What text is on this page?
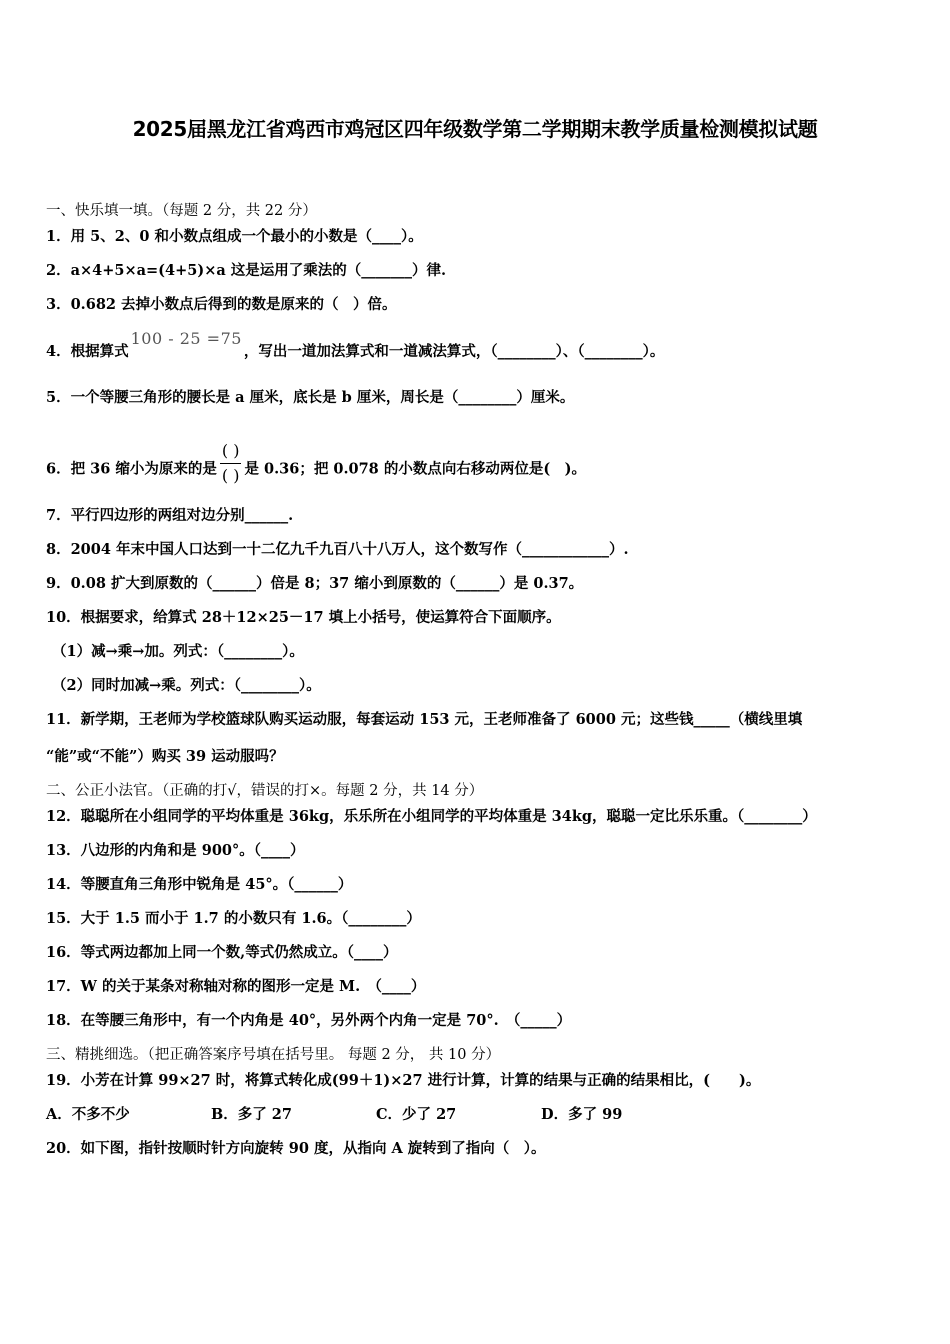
2025届黑龙江省鸡西市鸡冠区四年级数学第二学期期末教学质量检测模拟试题
一、快乐填一填。（每题 2 分，共 22 分）
1．用 5、2、0 和小数点组成一个最小的小数是（____）。
2．a×4+5×a=(4+5)×a 这是运用了乘法的（_______）律.
3．0.682 去掉小数点后得到的数是原来的（　）倍。
4．根据算式100 - 25 =75，写出一道加法算式和一道减法算式，（________）、（________）。
5．一个等腰三角形的腰长是 a 厘米，底长是 b 厘米，周长是（________）厘米。
6．把 36 缩小为原来的是 $\frac{( )}{( )}$ 是 0.36；把 0.078 的小数点向右移动两位是(　)。
7．平行四边形的两组对边分别______.
8．2004 年末中国人口达到一十二亿九千九百八十八万人，这个数写作（____________）.
9．0.08 扩大到原数的（______）倍是 8；37 缩小到原数的（______）是 0.37。
10．根据要求，给算式 28＋12×25－17 填上小括号，使运算符合下面顺序。
（1）减→乘→加。列式：（________）。
（2）同时加减→乘。列式：（________）。
11．新学期，王老师为学校篮球队购买运动服，每套运动 153 元，王老师准备了 6000 元；这些钱_____（横线里填
“能”或“不能”）购买 39 运动服吗？
二、公正小法官。（正确的打√，错误的打×。每题 2 分，共 14 分）
12．聪聪所在小组同学的平均体重是 36kg，乐乐所在小组同学的平均体重是 34kg，聪聪一定比乐乐重。（________）
13．八边形的内角和是 900°。（____）
14．等腰直角三角形中锐角是 45°。（______）
15．大于 1.5 而小于 1.7 的小数只有 1.6。（________）
16．等式两边都加上同一个数,等式仍然成立。（____）
17．W 的关于某条对称轴对称的图形一定是 M.　（____）
18．在等腰三角形中，有一个内角是 40°，另外两个内角一定是 70°.　（_____）
三、精挑细选。（把正确答案序号填在括号里。 每题 2 分， 共 10 分）
19．小芳在计算 99×27 时，将算式转化成(99＋1)×27 进行计算，计算的结果与正确的结果相比，(　　)。
A．不多不少	B．多了 27	C．少了 27	D．多了 99
20．如下图，指针按顺时针方向旋转 90 度，从指向 A 旋转到了指向（　）。
